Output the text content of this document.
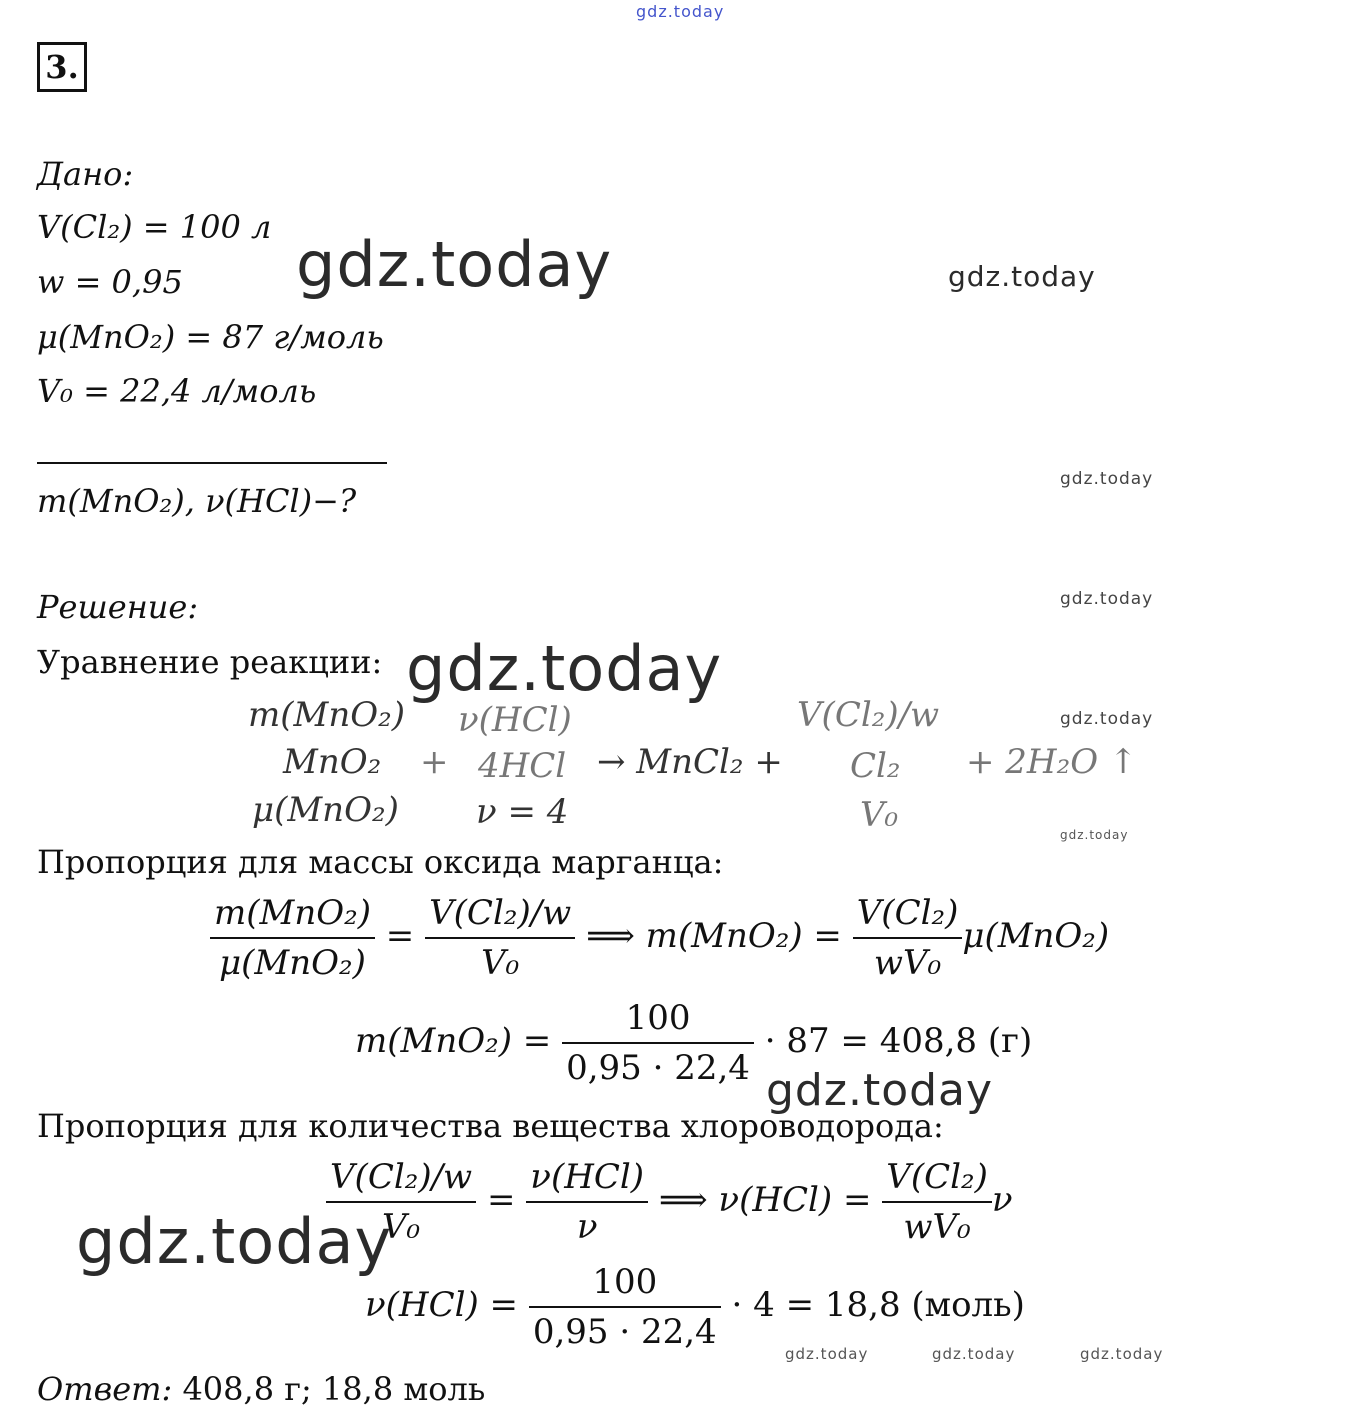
gdz.today
3.
Дано:
V(Cl₂) = 100 л
w = 0,95
μ(MnO₂) = 87 г/моль
V₀ = 22,4 л/моль
m(MnO₂), ν(HCl)−?
Решение:
Уравнение реакции:
m(MnO₂) ν(HCl)	V(Cl₂)/w
MnO₂ + 4HCl → MnCl₂ + Cl₂ + 2H₂O ↑
μ(MnO₂) ν = 4	V₀
Пропорция для массы оксида марганца:
$\frac{\text{m(MnO₂)}}{\text{μ(MnO₂)}} = \frac{\text{V(Cl₂)/w}}{\text{V₀}}$ ⟹ $m(MnO_2) = \frac{\text{V(Cl₂)}}{\text{wV₀}} \mu(MnO_2)$
$m(MnO_2) = \frac{100}{0,95 \cdot 22,4} \cdot 87 = 408,8$ (г)
Пропорция для количества вещества хлороводорода:
$\frac{\text{V(Cl₂)/w}}{\text{V₀}} = \frac{\text{ν(HCl)}}{\nu}$ ⟹ $\nu(HCl) = \frac{\text{V(Cl₂)}}{\text{wV₀}}$ ν
$\nu(HCl) = \frac{100}{0,95 \cdot 22,4} \cdot 4 = 18,8$ (моль)
Ответ: 408,8 г; 18,8 моль
gdz.today	gdz.today
gdz.today
gdz.today
gdz.today
gdz.today
gdz.today
gdz.today
gdz.today
gdz.today	gdz.today	gdz.today
